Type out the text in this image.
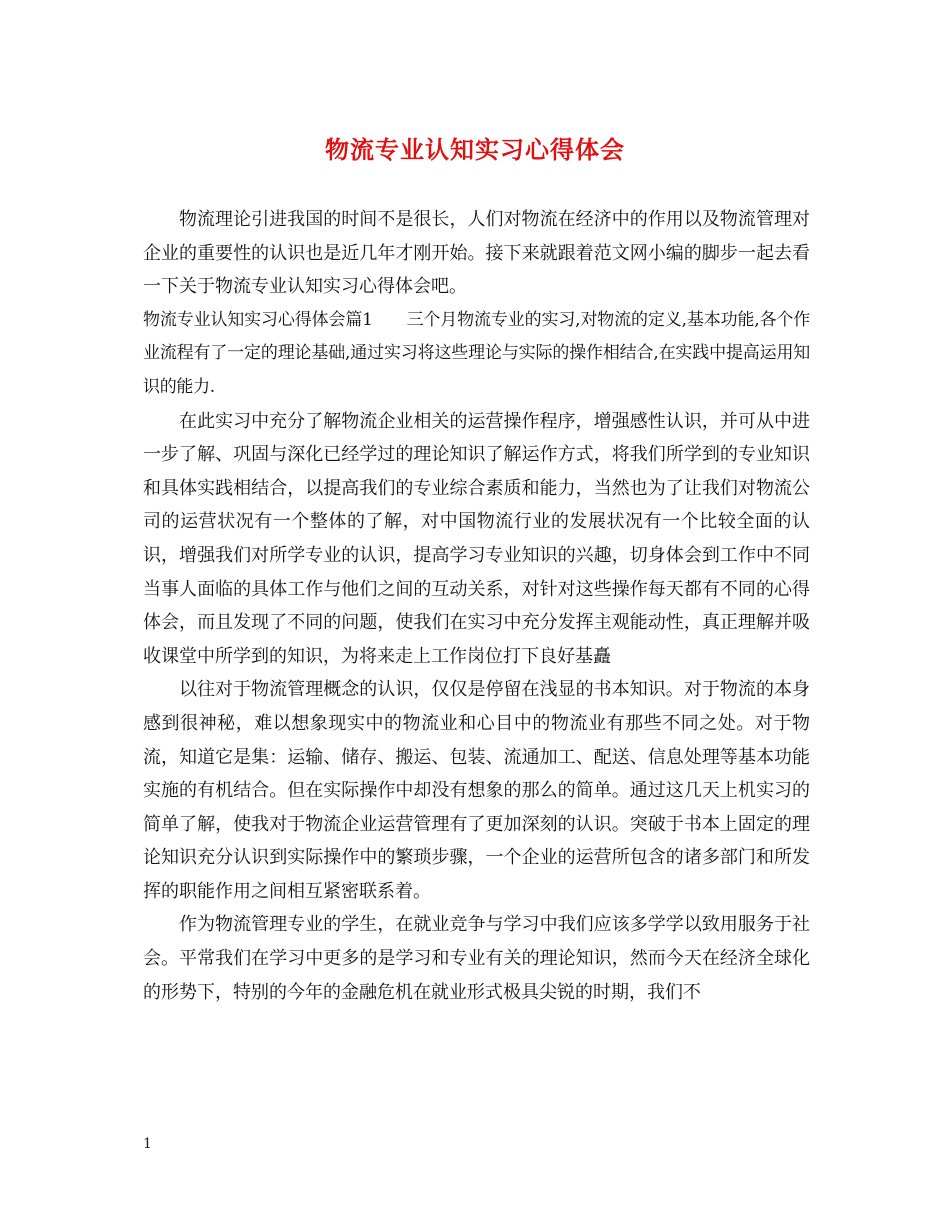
物流专业认知实习心得体会

物流理论引进我国的时间不是很长，人们对物流在经济中的作用以及物流管理对企业的重要性的认识也是近几年才刚开始。接下来就跟着范文网小编的脚步一起去看一下关于物流专业认知实习心得体会吧。

物流专业认知实习心得体会篇1　　三个月物流专业的实习,对物流的定义,基本功能,各个作业流程有了一定的理论基础,通过实习将这些理论与实际的操作相结合,在实践中提高运用知识的能力.

在此实习中充分了解物流企业相关的运营操作程序，增强感性认识，并可从中进一步了解、巩固与深化已经学过的理论知识了解运作方式，将我们所学到的专业知识和具体实践相结合，以提高我们的专业综合素质和能力，当然也为了让我们对物流公司的运营状况有一个整体的了解，对中国物流行业的发展状况有一个比较全面的认识，增强我们对所学专业的认识，提高学习专业知识的兴趣，切身体会到工作中不同当事人面临的具体工作与他们之间的互动关系，对针对这些操作每天都有不同的心得体会，而且发现了不同的问题，使我们在实习中充分发挥主观能动性，真正理解并吸收课堂中所学到的知识，为将来走上工作岗位打下良好基矗

以往对于物流管理概念的认识，仅仅是停留在浅显的书本知识。对于物流的本身感到很神秘，难以想象现实中的物流业和心目中的物流业有那些不同之处。对于物流，知道它是集：运输、储存、搬运、包装、流通加工、配送、信息处理等基本功能实施的有机结合。但在实际操作中却没有想象的那么的简单。通过这几天上机实习的简单了解，使我对于物流企业运营管理有了更加深刻的认识。突破于书本上固定的理论知识充分认识到实际操作中的繁琐步骤，一个企业的运营所包含的诸多部门和所发挥的职能作用之间相互紧密联系着。

作为物流管理专业的学生，在就业竞争与学习中我们应该多学学以致用服务于社会。平常我们在学习中更多的是学习和专业有关的理论知识，然而今天在经济全球化的形势下，特别的今年的金融危机在就业形式极具尖锐的时期，我们不

1
